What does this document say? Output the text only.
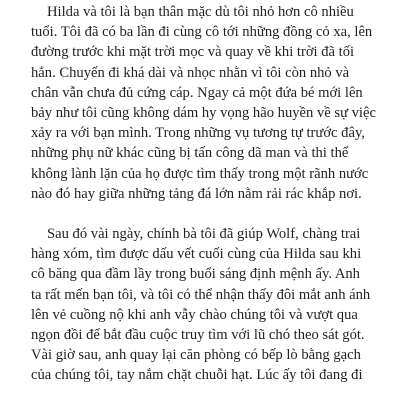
Hilda và tôi là bạn thân mặc dù tôi nhỏ hơn cô nhiều
tuổi. Tôi đã có ba lần đi cùng cô tới những đồng cỏ xa, lên
đường trước khi mặt trời mọc và quay về khi trời đã tối
hẳn. Chuyến đi khá dài và nhọc nhằn vì tôi còn nhỏ và
chân vẫn chưa đủ cứng cáp. Ngay cả một đứa bé mới lên
bảy như tôi cũng không dám hy vọng hão huyền về sự việc
xảy ra với bạn mình. Trong những vụ tương tự trước đây,
những phụ nữ khác cũng bị tấn công dã man và thi thể
không lành lặn của họ được tìm thấy trong một rãnh nước
nào đó hay giữa những tảng đá lớn nằm rải rác khắp nơi.
Sau đó vài ngày, chính bà tôi đã giúp Wolf, chàng trai
hàng xóm, tìm được dấu vết cuối cùng của Hilda sau khi
cô băng qua đầm lầy trong buổi sáng định mệnh ấy. Anh
ta rất mến bạn tôi, và tôi có thể nhận thấy đôi mắt anh ánh
lên vẻ cuồng nộ khi anh vẫy chào chúng tôi và vượt qua
ngọn đồi để bắt đầu cuộc truy tìm với lũ chó theo sát gót.
Vài giờ sau, anh quay lại căn phòng có bếp lò bằng gạch
của chúng tôi, tay nắm chặt chuỗi hạt. Lúc ấy tôi đang đi
